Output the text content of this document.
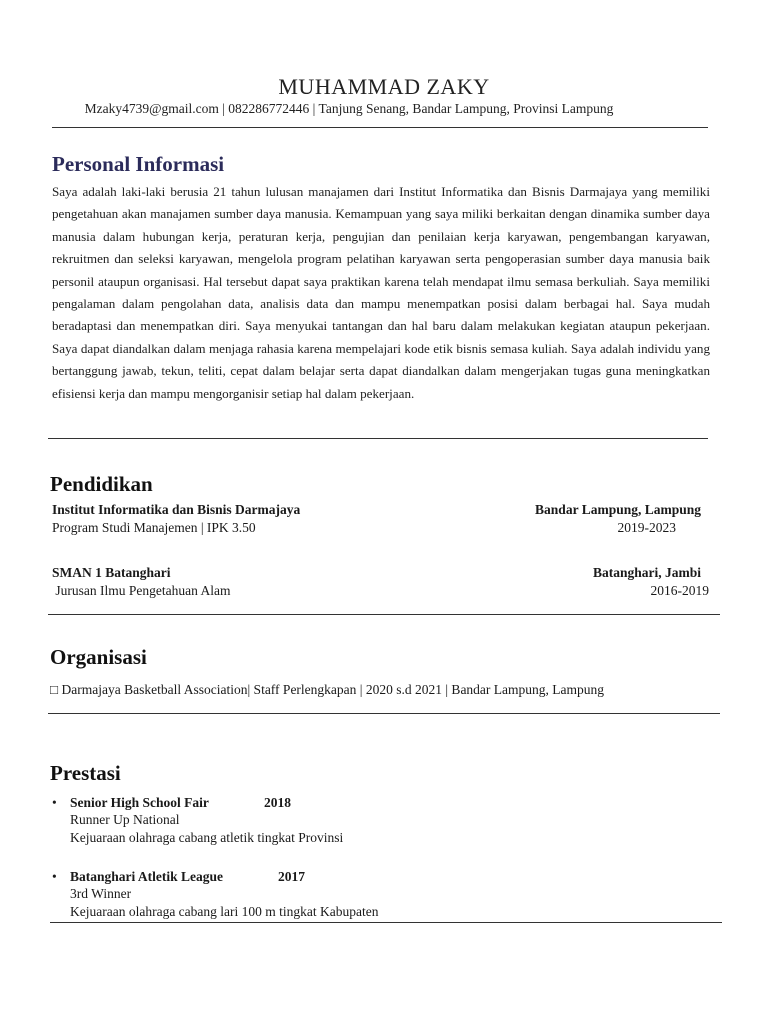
MUHAMMAD ZAKY
Mzaky4739@gmail.com | 082286772446 | Tanjung Senang, Bandar Lampung, Provinsi Lampung
Personal Informasi
Saya adalah laki-laki berusia 21 tahun lulusan manajamen dari Institut Informatika dan Bisnis Darmajaya yang memiliki pengetahuan akan manajamen sumber daya manusia. Kemampuan yang saya miliki berkaitan dengan dinamika sumber daya manusia dalam hubungan kerja, peraturan kerja, pengujian dan penilaian kerja karyawan, pengembangan karyawan, rekruitmen dan seleksi karyawan, mengelola program pelatihan karyawan serta pengoperasian sumber daya manusia baik personil ataupun organisasi. Hal tersebut dapat saya praktikan karena telah mendapat ilmu semasa berkuliah. Saya memiliki pengalaman dalam pengolahan data, analisis data dan mampu menempatkan posisi dalam berbagai hal. Saya mudah beradaptasi dan menempatkan diri. Saya menyukai tantangan dan hal baru dalam melakukan kegiatan ataupun pekerjaan. Saya dapat diandalkan dalam menjaga rahasia karena mempelajari kode etik bisnis semasa kuliah. Saya adalah individu yang bertanggung jawab, tekun, teliti, cepat dalam belajar serta dapat diandalkan dalam mengerjakan tugas guna meningkatkan efisiensi kerja dan mampu mengorganisir setiap hal dalam pekerjaan.
Pendidikan
Institut Informatika dan Bisnis Darmajaya	Bandar Lampung, Lampung
Program Studi Manajemen | IPK 3.50	2019-2023
SMAN 1 Batanghari	Batanghari, Jambi
Jurusan Ilmu Pengetahuan Alam	2016-2019
Organisasi
□ Darmajaya Basketball Association| Staff Perlengkapan | 2020 s.d 2021 | Bandar Lampung, Lampung
Prestasi
• Senior High School Fair	2018
Runner Up National
Kejuaraan olahraga cabang atletik tingkat Provinsi
• Batanghari Atletik League	2017
3rd Winner
Kejuaraan olahraga cabang lari 100 m tingkat Kabupaten
